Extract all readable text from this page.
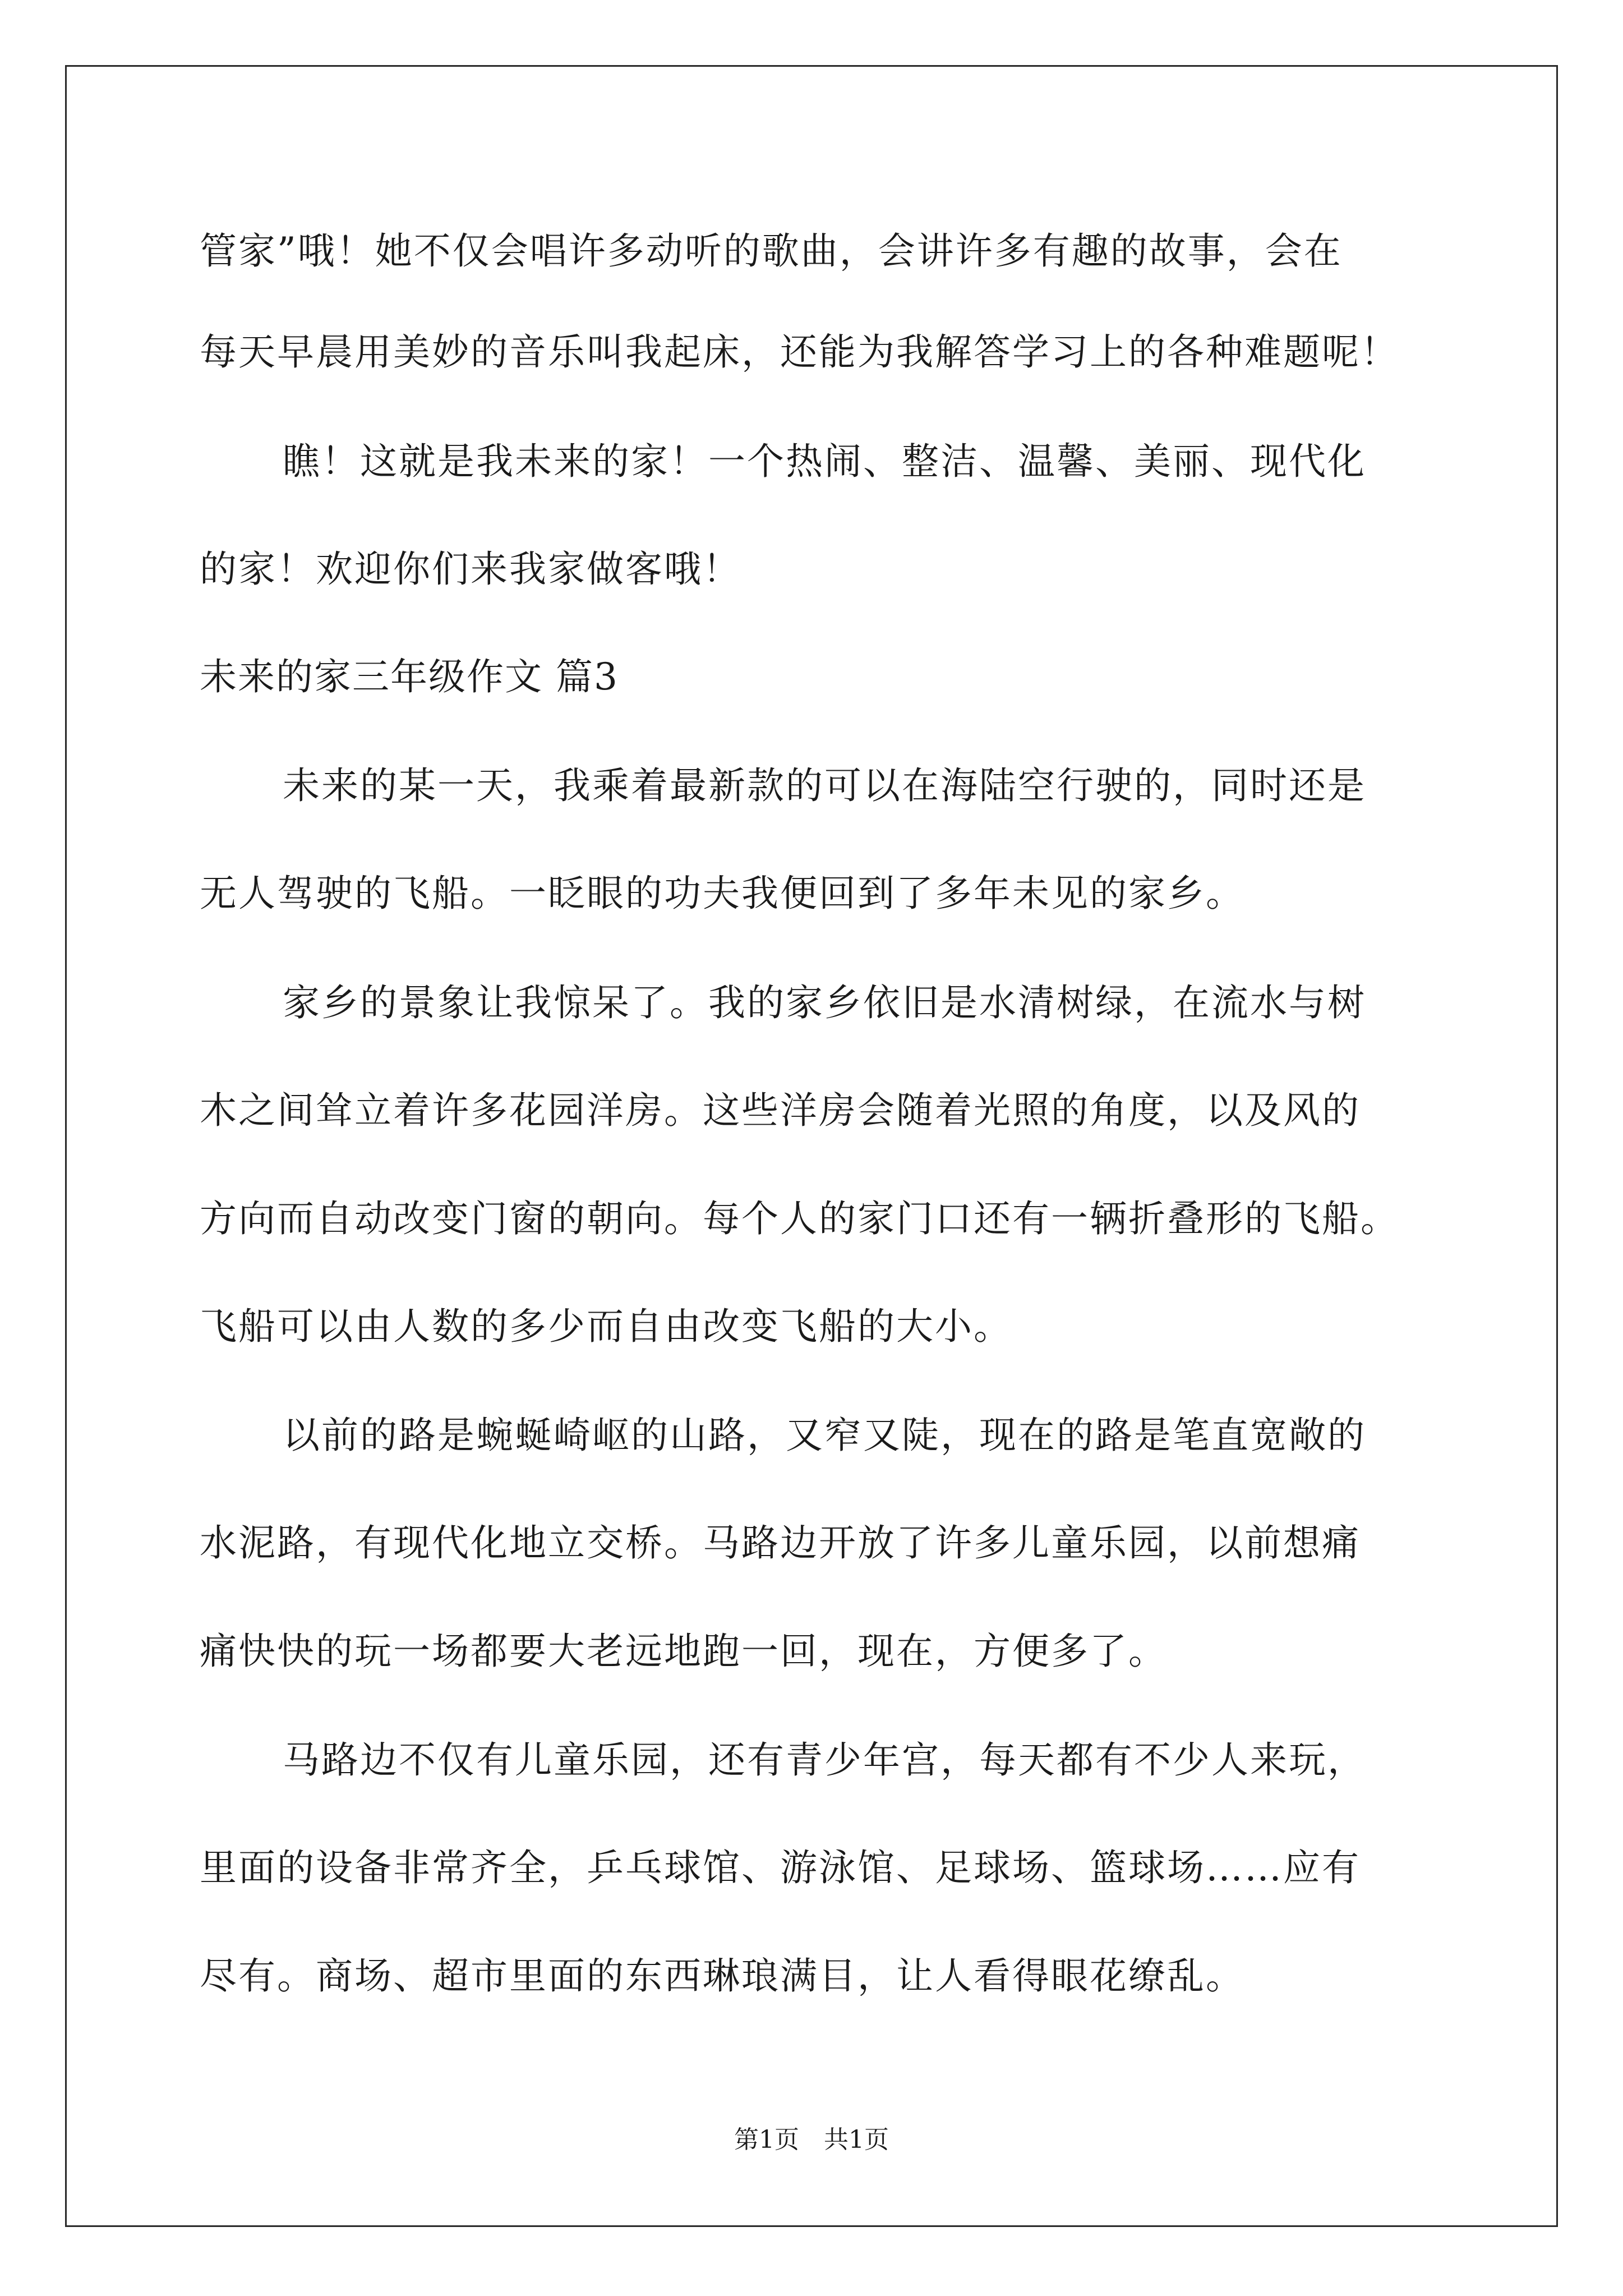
管家”哦！她不仅会唱许多动听的歌曲，会讲许多有趣的故事，会在
每天早晨用美妙的音乐叫我起床，还能为我解答学习上的各种难题呢！
瞧！这就是我未来的家！一个热闹、整洁、温馨、美丽、现代化
的家！欢迎你们来我家做客哦！
未来的家三年级作文 篇3
未来的某一天，我乘着最新款的可以在海陆空行驶的，同时还是
无人驾驶的飞船。一眨眼的功夫我便回到了多年未见的家乡。
家乡的景象让我惊呆了。我的家乡依旧是水清树绿，在流水与树
木之间耸立着许多花园洋房。这些洋房会随着光照的角度，以及风的
方向而自动改变门窗的朝向。每个人的家门口还有一辆折叠形的飞船。
飞船可以由人数的多少而自由改变飞船的大小。
以前的路是蜿蜒崎岖的山路，又窄又陡，现在的路是笔直宽敞的
水泥路，有现代化地立交桥。马路边开放了许多儿童乐园，以前想痛
痛快快的玩一场都要大老远地跑一回，现在，方便多了。
马路边不仅有儿童乐园，还有青少年宫，每天都有不少人来玩，
里面的设备非常齐全，乒乓球馆、游泳馆、足球场、篮球场……应有
尽有。商场、超市里面的东西琳琅满目，让人看得眼花缭乱。
第1页 共1页
